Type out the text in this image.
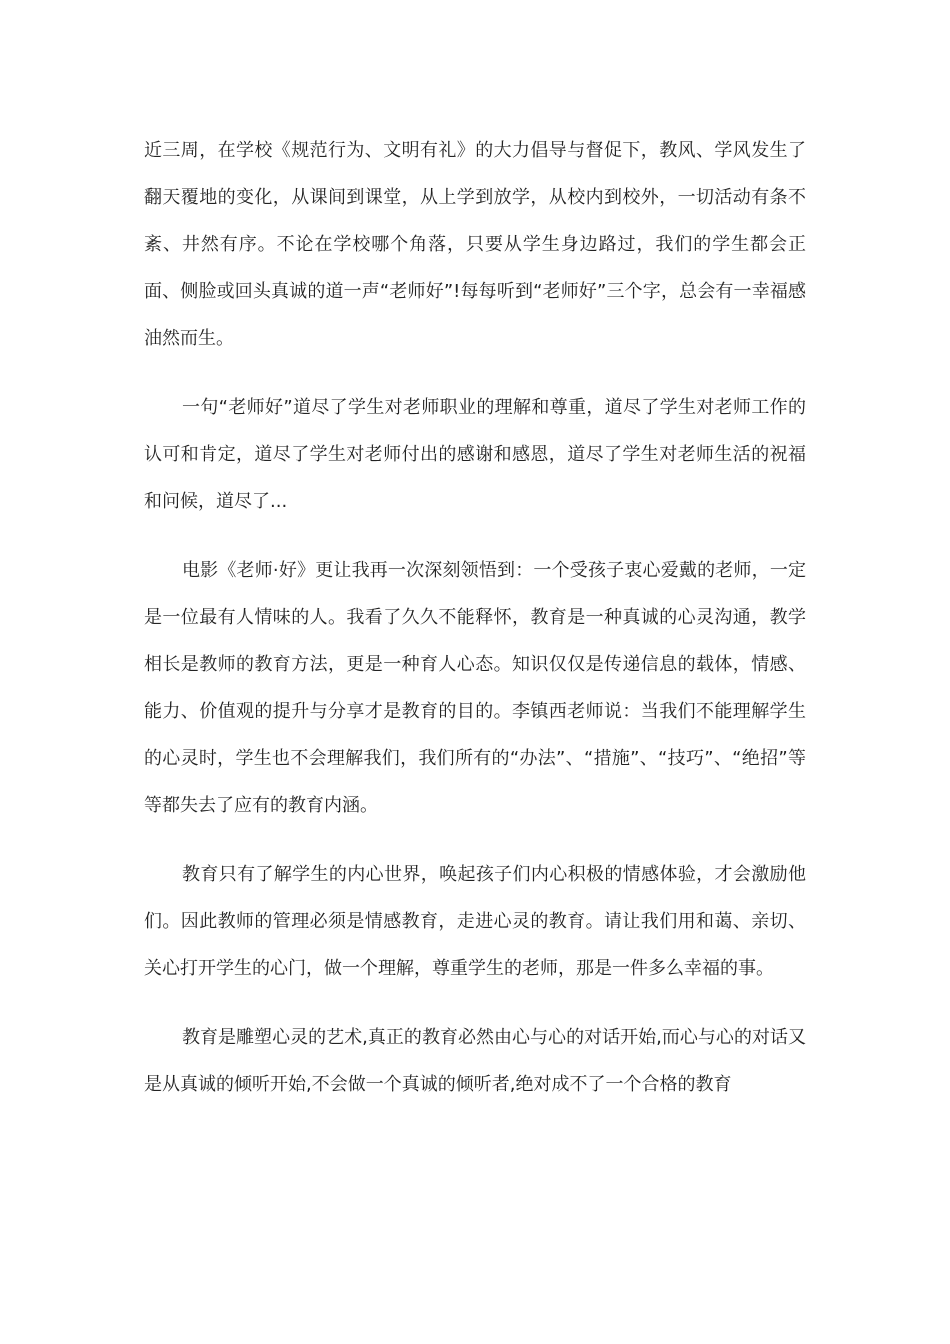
近三周，在学校《规范行为、文明有礼》的大力倡导与督促下，教风、学风发生了翻天覆地的变化，从课间到课堂，从上学到放学，从校内到校外，一切活动有条不紊、井然有序。不论在学校哪个角落，只要从学生身边路过，我们的学生都会正面、侧脸或回头真诚的道一声“老师好”!每每听到“老师好”三个字，总会有一幸福感油然而生。

一句“老师好”道尽了学生对老师职业的理解和尊重，道尽了学生对老师工作的认可和肯定，道尽了学生对老师付出的感谢和感恩，道尽了学生对老师生活的祝福和问候，道尽了...

电影《老师·好》更让我再一次深刻领悟到：一个受孩子衷心爱戴的老师，一定是一位最有人情味的人。我看了久久不能释怀，教育是一种真诚的心灵沟通，教学相长是教师的教育方法，更是一种育人心态。知识仅仅是传递信息的载体，情感、能力、价值观的提升与分享才是教育的目的。李镇西老师说：当我们不能理解学生的心灵时，学生也不会理解我们，我们所有的“办法”、“措施”、“技巧”、“绝招”等等都失去了应有的教育内涵。

教育只有了解学生的内心世界，唤起孩子们内心积极的情感体验，才会激励他们。因此教师的管理必须是情感教育，走进心灵的教育。请让我们用和蔼、亲切、关心打开学生的心门，做一个理解，尊重学生的老师，那是一件多么幸福的事。

教育是雕塑心灵的艺术,真正的教育必然由心与心的对话开始,而心与心的对话又是从真诚的倾听开始,不会做一个真诚的倾听者,绝对成不了一个合格的教育
